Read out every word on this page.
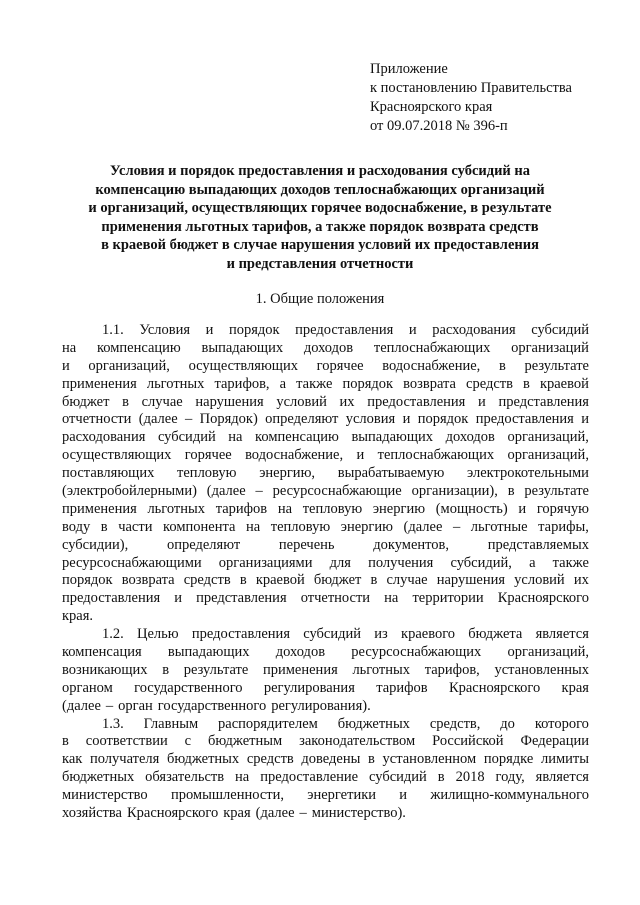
Приложение
к постановлению Правительства
Красноярского края
от 09.07.2018 № 396-п
Условия и порядок предоставления и расходования субсидий на
компенсацию выпадающих доходов теплоснабжающих организаций
и организаций, осуществляющих горячее водоснабжение, в результате
применения льготных тарифов, а также порядок возврата средств
в краевой бюджет в случае нарушения условий их предоставления
и представления отчетности
1. Общие положения
1.1. Условия и порядок предоставления и расходования субсидий
на компенсацию выпадающих доходов теплоснабжающих организаций
и организаций, осуществляющих горячее водоснабжение, в результате
применения льготных тарифов, а также порядок возврата средств в краевой
бюджет в случае нарушения условий их предоставления и представления
отчетности (далее – Порядок) определяют условия и порядок предоставления и
расходования субсидий на компенсацию выпадающих доходов организаций,
осуществляющих горячее водоснабжение, и теплоснабжающих организаций,
поставляющих тепловую энергию, вырабатываемую электрокотельными
(электробойлерными) (далее – ресурсоснабжающие организации), в результате
применения льготных тарифов на тепловую энергию (мощность) и горячую
воду в части компонента на тепловую энергию (далее – льготные тарифы,
субсидии),	определяют	перечень	документов,	представляемых
ресурсоснабжающими организациями для получения субсидий, а также
порядок возврата средств в краевой бюджет в случае нарушения условий их
предоставления и представления отчетности на территории Красноярского
края.
1.2. Целью предоставления субсидий из краевого бюджета является
компенсация выпадающих доходов ресурсоснабжающих организаций,
возникающих в результате применения льготных тарифов, установленных
органом государственного регулирования тарифов Красноярского края
(далее – орган государственного регулирования).
1.3. Главным распорядителем бюджетных средств, до которого
в соответствии с бюджетным законодательством Российской Федерации
как получателя бюджетных средств доведены в установленном порядке лимиты
бюджетных обязательств на предоставление субсидий в 2018 году, является
министерство промышленности, энергетики и жилищно-коммунального
хозяйства Красноярского края (далее – министерство).
